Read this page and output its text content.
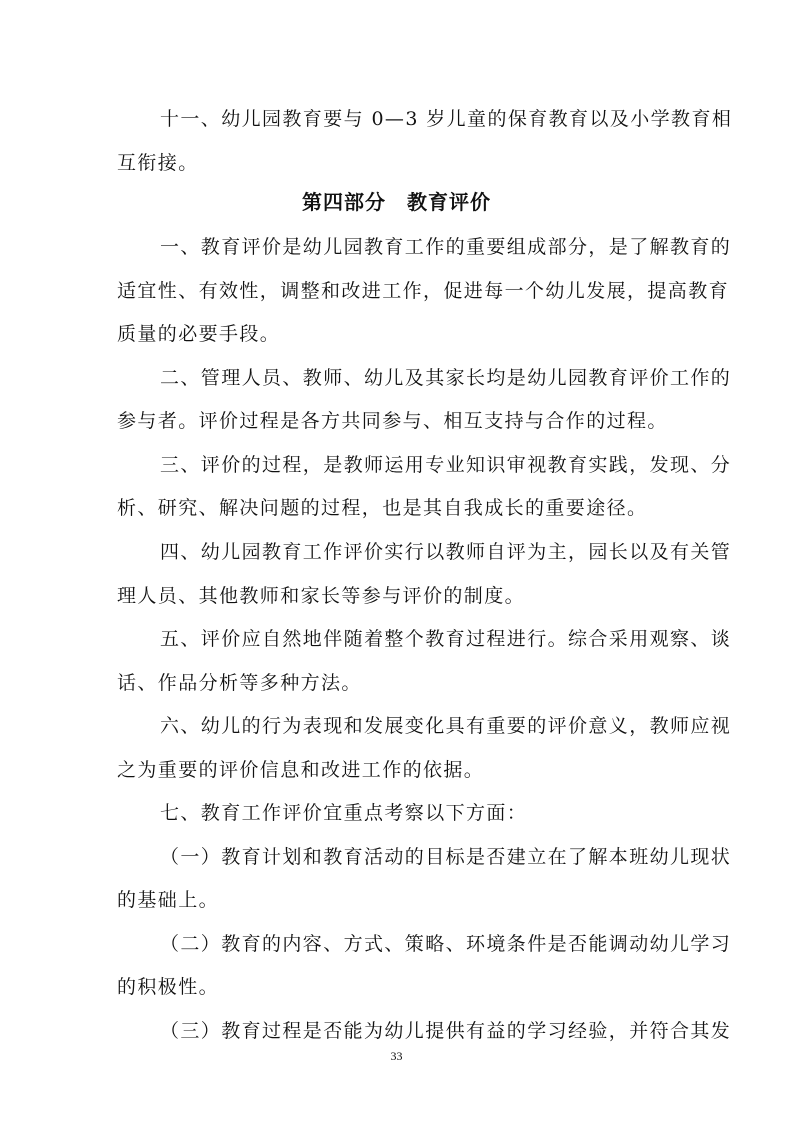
十一、幼儿园教育要与 0—3 岁儿童的保育教育以及小学教育相
互衔接。
第四部分　教育评价
一、教育评价是幼儿园教育工作的重要组成部分，是了解教育的
适宜性、有效性，调整和改进工作，促进每一个幼儿发展，提高教育
质量的必要手段。
二、管理人员、教师、幼儿及其家长均是幼儿园教育评价工作的
参与者。评价过程是各方共同参与、相互支持与合作的过程。
三、评价的过程，是教师运用专业知识审视教育实践，发现、分
析、研究、解决问题的过程，也是其自我成长的重要途径。
四、幼儿园教育工作评价实行以教师自评为主，园长以及有关管
理人员、其他教师和家长等参与评价的制度。
五、评价应自然地伴随着整个教育过程进行。综合采用观察、谈
话、作品分析等多种方法。
六、幼儿的行为表现和发展变化具有重要的评价意义，教师应视
之为重要的评价信息和改进工作的依据。
七、教育工作评价宜重点考察以下方面：
（一）教育计划和教育活动的目标是否建立在了解本班幼儿现状
的基础上。
（二）教育的内容、方式、策略、环境条件是否能调动幼儿学习
的积极性。
（三）教育过程是否能为幼儿提供有益的学习经验，并符合其发
33
